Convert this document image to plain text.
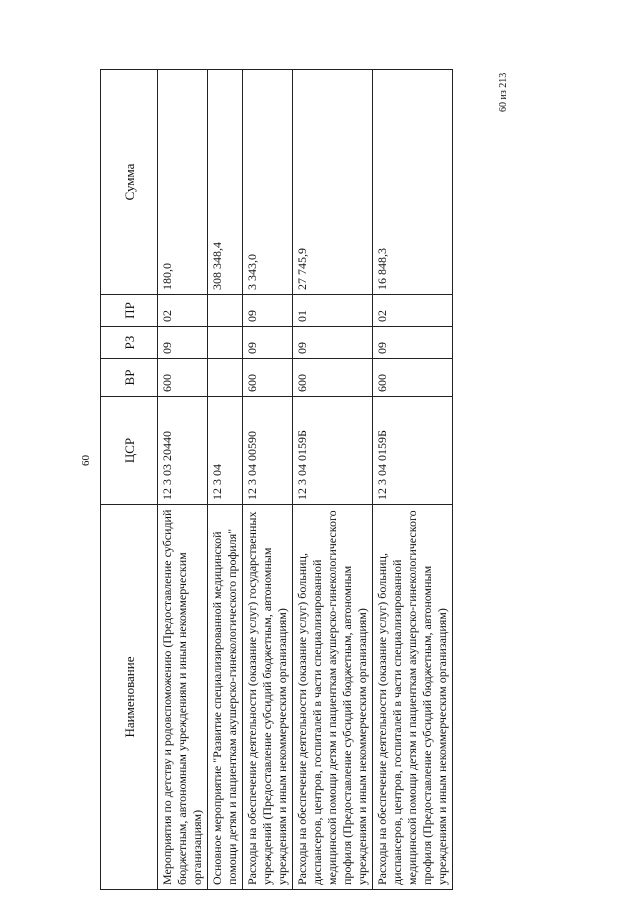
60
Наименование	ЦСР	ВР	РЗ	ПР	Сумма
Мероприятия по детству и родовспоможению (Предоставление субсидий бюджетным, автономным учреждениям и иным некоммерческим организациям)	12 3 03 20440	600	09	02	180,0
Основное мероприятие "Развитие специализированной медицинской помощи детям и пациенткам акушерско-гинекологического профиля"	12 3 04				308 348,4
Расходы на обеспечение деятельности (оказание услуг) государственных учреждений (Предоставление субсидий бюджетным, автономным учреждениям и иным некоммерческим организациям)	12 3 04 00590	600	09	09	3 343,0
Расходы на обеспечение деятельности (оказание услуг) больниц, диспансеров, центров, госпиталей в части специализированной медицинской помощи детям и пациенткам акушерско-гинекологического профиля (Предоставление субсидий бюджетным, автономным учреждениям и иным некоммерческим организациям)	12 3 04 0159Б	600	09	01	27 745,9
Расходы на обеспечение деятельности (оказание услуг) больниц, диспансеров, центров, госпиталей в части специализированной медицинской помощи детям и пациенткам акушерско-гинекологического профиля (Предоставление субсидий бюджетным, автономным учреждениям и иным некоммерческим организациям)	12 3 04 0159Б	600	09	02	16 848,3
60 из 213
